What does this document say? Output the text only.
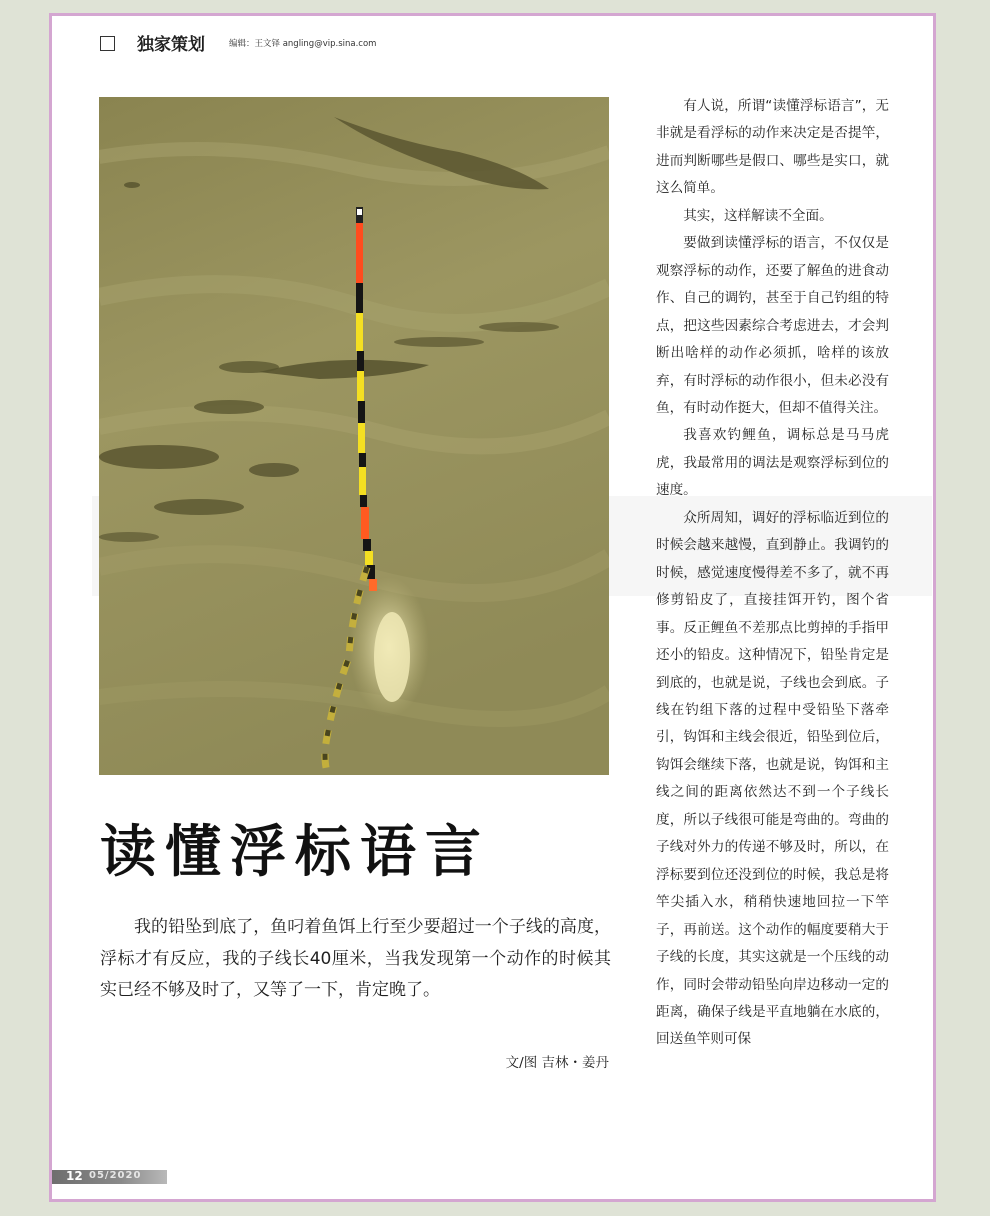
独家策划	编辑：王文铎 angling@vip.sina.com
读懂浮标语言

我的铅坠到底了，鱼叼着鱼饵上行至少要超过一个子线的高度，浮标才有反应，我的子线长40厘米，当我发现第一个动作的时候其实已经不够及时了，又等了一下，肯定晚了。

文/图 吉林・姜丹

有人说，所谓“读懂浮标语言”，无非就是看浮标的动作来决定是否提竿，进而判断哪些是假口、哪些是实口，就这么简单。

其实，这样解读不全面。

要做到读懂浮标的语言，不仅仅是观察浮标的动作，还要了解鱼的进食动作、自己的调钓，甚至于自己钓组的特点，把这些因素综合考虑进去，才会判断出啥样的动作必须抓，啥样的该放弃，有时浮标的动作很小，但未必没有鱼，有时动作挺大，但却不值得关注。

我喜欢钓鲤鱼，调标总是马马虎虎，我最常用的调法是观察浮标到位的速度。

众所周知，调好的浮标临近到位的时候会越来越慢，直到静止。我调钓的时候，感觉速度慢得差不多了，就不再修剪铅皮了，直接挂饵开钓，图个省事。反正鲤鱼不差那点比剪掉的手指甲还小的铅皮。这种情况下，铅坠肯定是到底的，也就是说，子线也会到底。子线在钓组下落的过程中受铅坠下落牵引，钩饵和主线会很近，铅坠到位后，钩饵会继续下落，也就是说，钩饵和主线之间的距离依然达不到一个子线长度，所以子线很可能是弯曲的。弯曲的子线对外力的传递不够及时，所以，在浮标要到位还没到位的时候，我总是将竿尖插入水，稍稍快速地回拉一下竿子，再前送。这个动作的幅度要稍大于子线的长度，其实这就是一个压线的动作，同时会带动铅坠向岸边移动一定的距离，确保子线是平直地躺在水底的，回送鱼竿则可保

12 05/2020
